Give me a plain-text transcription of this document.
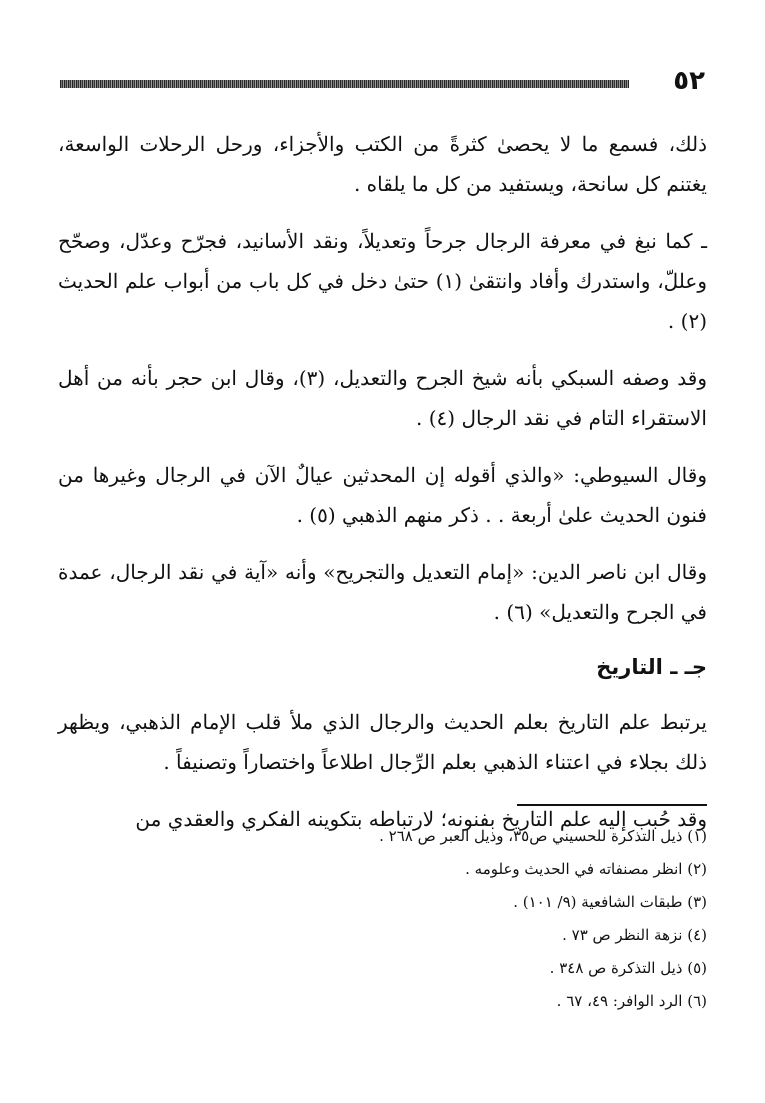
٥٢

ذلك، فسمع ما لا يحصىٰ كثرةً من الكتب والأجزاء، ورحل الرحلات الواسعة، يغتنم كل سانحة، ويستفيد من كل ما يلقاه .

ـ كما نبغ في معرفة الرجال جرحاً وتعديلاً، ونقد الأسانيد، فجرّح وعدّل، وصحّح وعللّ، واستدرك وأفاد وانتقىٰ (١) حتىٰ دخل في كل باب من أبواب علم الحديث (٢) .

وقد وصفه السبكي بأنه شيخ الجرح والتعديل، (٣)، وقال ابن حجر بأنه من أهل الاستقراء التام في نقد الرجال (٤) .

وقال السيوطي: «والذي أقوله إن المحدثين عيالٌ الآن في الرجال وغيرها من فنون الحديث علىٰ أربعة . . ذكر منهم الذهبي (٥) .

وقال ابن ناصر الدين: «إمام التعديل والتجريح» وأنه «آية في نقد الرجال، عمدة في الجرح والتعديل» (٦) .

جـ ـ التاريخ

يرتبط علم التاريخ بعلم الحديث والرجال الذي ملأ قلب الإمام الذهبي، ويظهر ذلك بجلاء في اعتناء الذهبي بعلم الرِّجال اطلاعاً واختصاراً وتصنيفاً .

وقد حُبب إليه علم التاريخ بفنونه؛ لارتباطه بتكوينه الفكري والعقدي من

(١) ذيل التذكرة للحسيني ص٣٥، وذيل العبر ص ٢٦٨ .

(٢) انظر مصنفاته في الحديث وعلومه .

(٣) طبقات الشافعية (٩/ ١٠١) .

(٤) نزهة النظر ص ٧٣ .

(٥) ذيل التذكرة ص ٣٤٨ .

(٦) الرد الوافر: ٤٩، ٦٧ .
